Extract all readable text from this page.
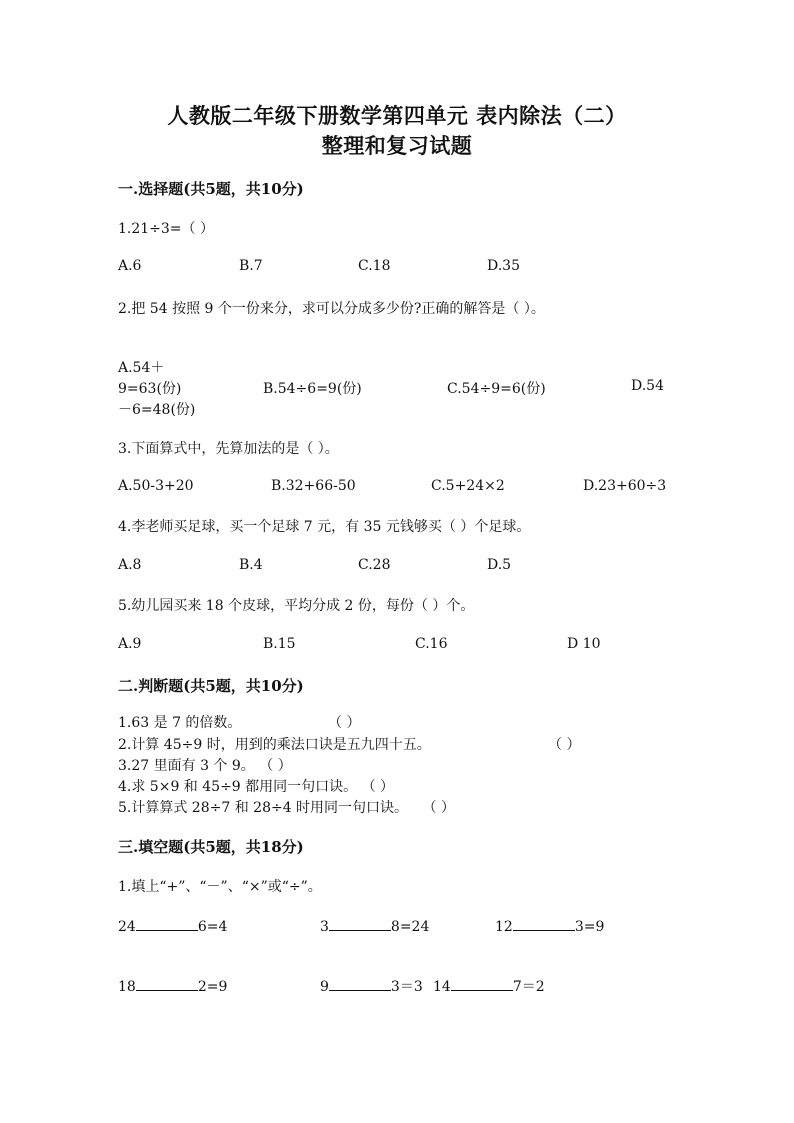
人教版二年级下册数学第四单元 表内除法（二）
整理和复习试题
一.选择题(共5题，共10分)
1.21÷3=（ ）
A.6	B.7	C.18	D.35
2.把 54 按照 9 个一份来分，求可以分成多少份?正确的解答是（ ）。
A.54＋
9=63(份)	B.54÷6=9(份)	C.54÷9=6(份)	D.54
－6=48(份)
3.下面算式中，先算加法的是（ ）。
A.50-3+20	B.32+66-50	C.5+24×2	D.23+60÷3
4.李老师买足球，买一个足球 7 元，有 35 元钱够买（ ）个足球。
A.8	B.4	C.28	D.5
5.幼儿园买来 18 个皮球，平均分成 2 份，每份（ ）个。
A.9	B.15	C.16	D 10
二.判断题(共5题，共10分)
1.63 是 7 的倍数。	（ ）
2.计算 45÷9 时，用到的乘法口诀是五九四十五。	（ ）
3.27 里面有 3 个 9。 （ ）
4.求 5×9 和 45÷9 都用同一句口诀。 （ ）
5.计算算式 28÷7 和 28÷4 时用同一句口诀。 （ ）
三.填空题(共5题，共18分)
1.填上“+”、“－”、“×”或“÷”。
24	6=4	3	8=24	12	3=9
18	2=9	9	3＝3 14	7＝2
